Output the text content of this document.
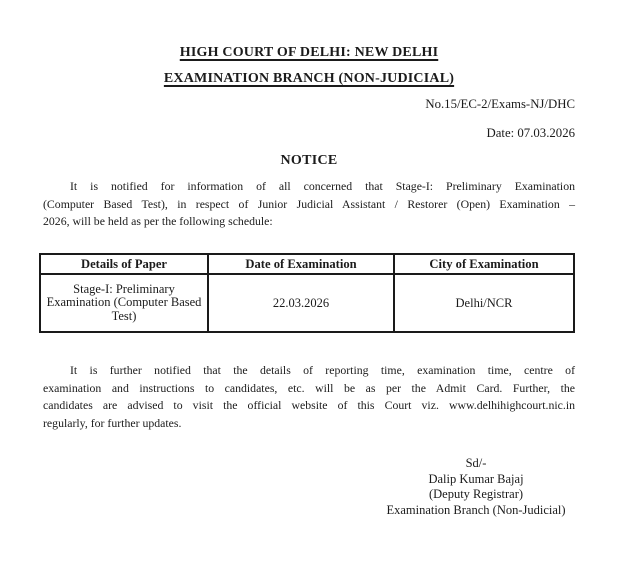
HIGH COURT OF DELHI: NEW DELHI
EXAMINATION BRANCH (NON-JUDICIAL)
No.15/EC-2/Exams-NJ/DHC
Date: 07.03.2026
NOTICE
It is notified for information of all concerned that Stage-I: Preliminary Examination
(Computer Based Test), in respect of Junior Judicial Assistant / Restorer (Open) Examination –
2026, will be held as per the following schedule:
Details of Paper	Date of Examination	City of Examination

Stage-I: Preliminary
Examination (Computer Based
Test)	22.03.2026	Delhi/NCR
It is further notified that the details of reporting time, examination time, centre of
examination and instructions to candidates, etc. will be as per the Admit Card. Further, the
candidates are advised to visit the official website of this Court viz. www.delhihighcourt.nic.in
regularly, for further updates.
Sd/-
Dalip Kumar Bajaj
(Deputy Registrar)
Examination Branch (Non-Judicial)
